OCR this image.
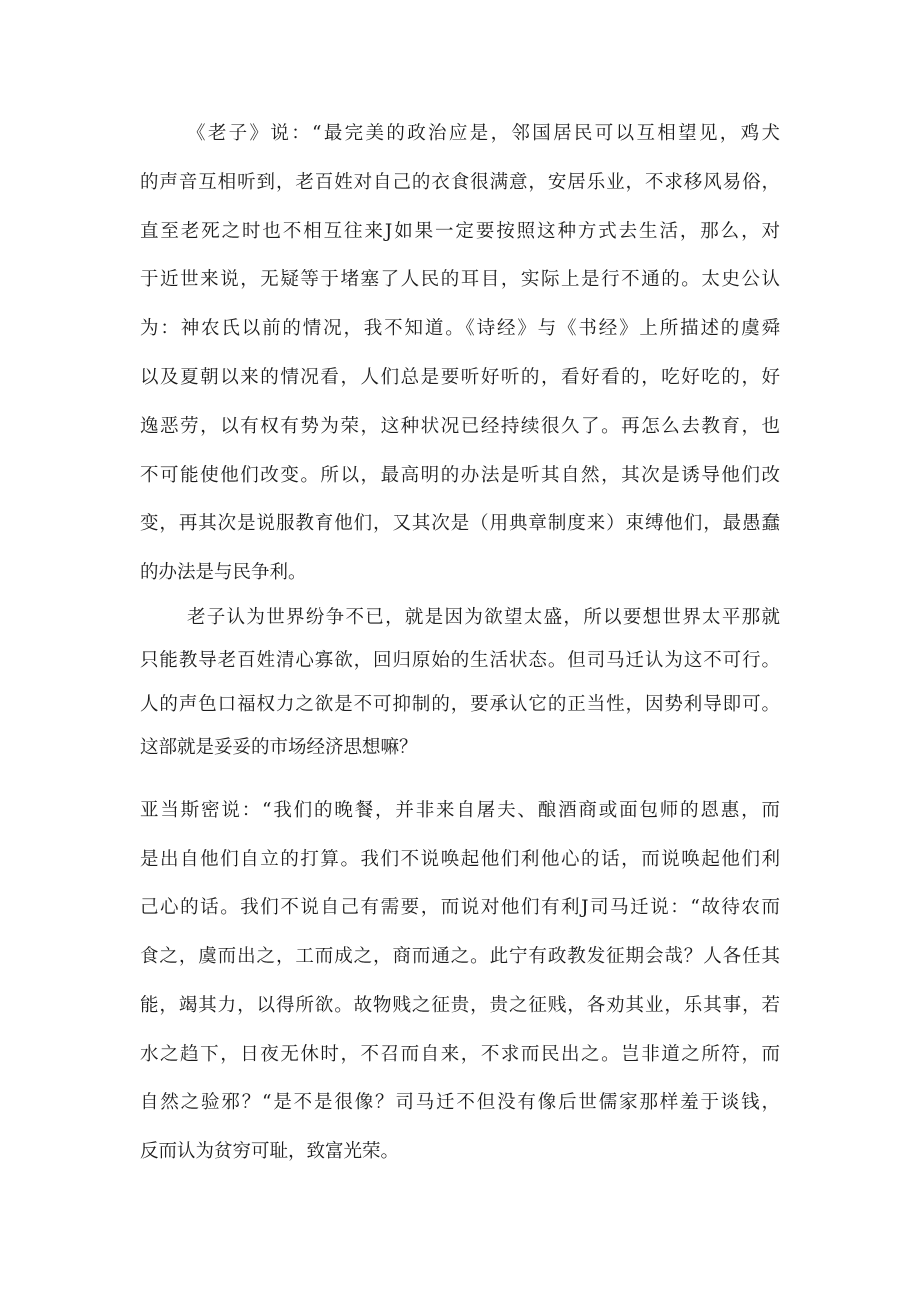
《老子》说：“最完美的政治应是，邻国居民可以互相望见，鸡犬
的声音互相听到，老百姓对自己的衣食很满意，安居乐业，不求移风易俗，
直至老死之时也不相互往来J如果一定要按照这种方式去生活，那么，对
于近世来说，无疑等于堵塞了人民的耳目，实际上是行不通的。太史公认
为：神农氏以前的情况，我不知道。《诗经》与《书经》上所描述的虞舜
以及夏朝以来的情况看，人们总是要听好听的，看好看的，吃好吃的，好
逸恶劳，以有权有势为荣，这种状况已经持续很久了。再怎么去教育，也
不可能使他们改变。所以，最高明的办法是听其自然，其次是诱导他们改
变，再其次是说服教育他们，又其次是（用典章制度来）束缚他们，最愚蠢
的办法是与民争利。
老子认为世界纷争不已，就是因为欲望太盛，所以要想世界太平那就
只能教导老百姓清心寡欲，回归原始的生活状态。但司马迁认为这不可行。
人的声色口福权力之欲是不可抑制的，要承认它的正当性，因势利导即可。
这部就是妥妥的市场经济思想嘛？
亚当斯密说：“我们的晚餐，并非来自屠夫、酿酒商或面包师的恩惠，而
是出自他们自立的打算。我们不说唤起他们利他心的话，而说唤起他们利
己心的话。我们不说自己有需要，而说对他们有利J司马迁说：“故待农而
食之，虞而出之，工而成之，商而通之。此宁有政教发征期会哉？人各任其
能，竭其力，以得所欲。故物贱之征贵，贵之征贱，各劝其业，乐其事，若
水之趋下，日夜无休时，不召而自来，不求而民出之。岂非道之所符，而
自然之验邪？“是不是很像？司马迁不但没有像后世儒家那样羞于谈钱，
反而认为贫穷可耻，致富光荣。
